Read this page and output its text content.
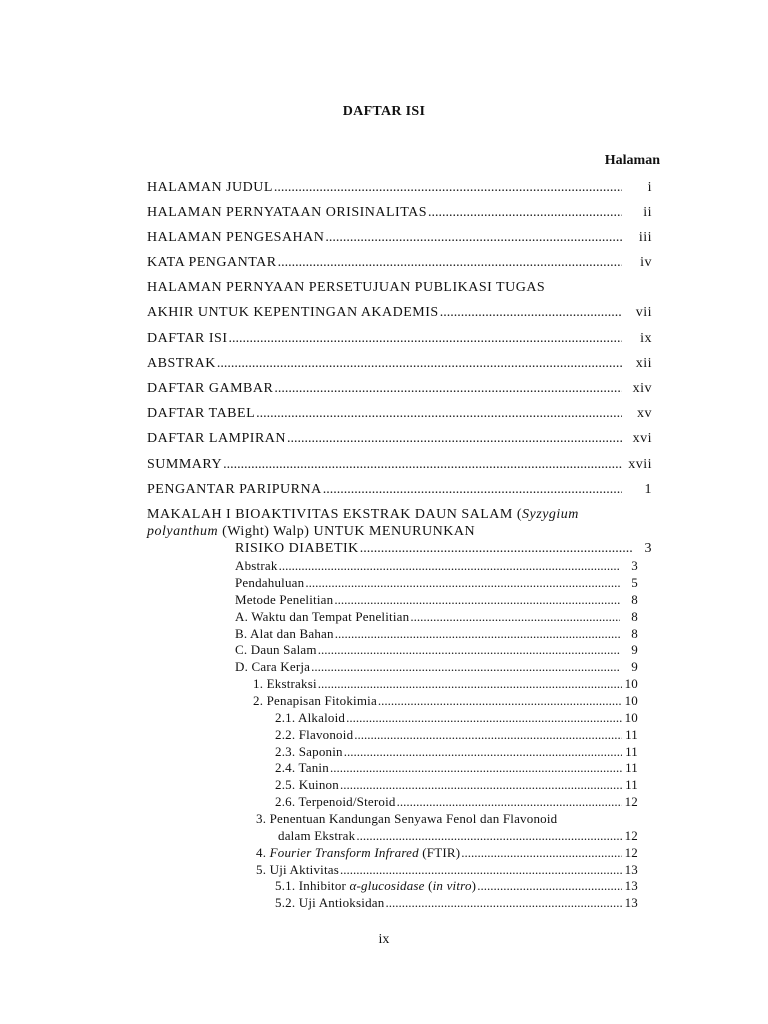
DAFTAR ISI
Halaman
HALAMAN JUDUL .....	i
HALAMAN PERNYATAAN ORISINALITAS .....	ii
HALAMAN PENGESAHAN .....	iii
KATA PENGANTAR .....	iv
HALAMAN PERNYAAN PERSETUJUAN PUBLIKASI TUGAS
AKHIR UNTUK KEPENTINGAN AKADEMIS .....	vii
DAFTAR ISI .....	ix
ABSTRAK .....	xii
DAFTAR GAMBAR .....	xiv
DAFTAR TABEL .....	xv
DAFTAR LAMPIRAN .....	xvi
SUMMARY .....	xvii
PENGANTAR PARIPURNA .....	1
MAKALAH I BIOAKTIVITAS EKSTRAK DAUN SALAM (Syzygium
polyanthum (Wight) Walp) UNTUK MENURUNKAN
RISIKO DIABETIK .....	3
Abstrak .....	3
Pendahuluan .....	5
Metode Penelitian .....	8
A. Waktu dan Tempat Penelitian .....	8
B. Alat dan Bahan .....	8
C. Daun Salam .....	9
D. Cara Kerja .....	9
1. Ekstraksi .....	10
2. Penapisan Fitokimia .....	10
2.1. Alkaloid .....	10
2.2. Flavonoid .....	11
2.3. Saponin .....	11
2.4. Tanin .....	11
2.5. Kuinon .....	11
2.6. Terpenoid/Steroid .....	12
3. Penentuan Kandungan Senyawa Fenol dan Flavonoid
dalam Ekstrak .....	12
4. Fourier Transform Infrared (FTIR) .....	12
5. Uji Aktivitas .....	13
5.1. Inhibitor α-glucosidase (in vitro) .....	13
5.2. Uji Antioksidan .....	13
ix
